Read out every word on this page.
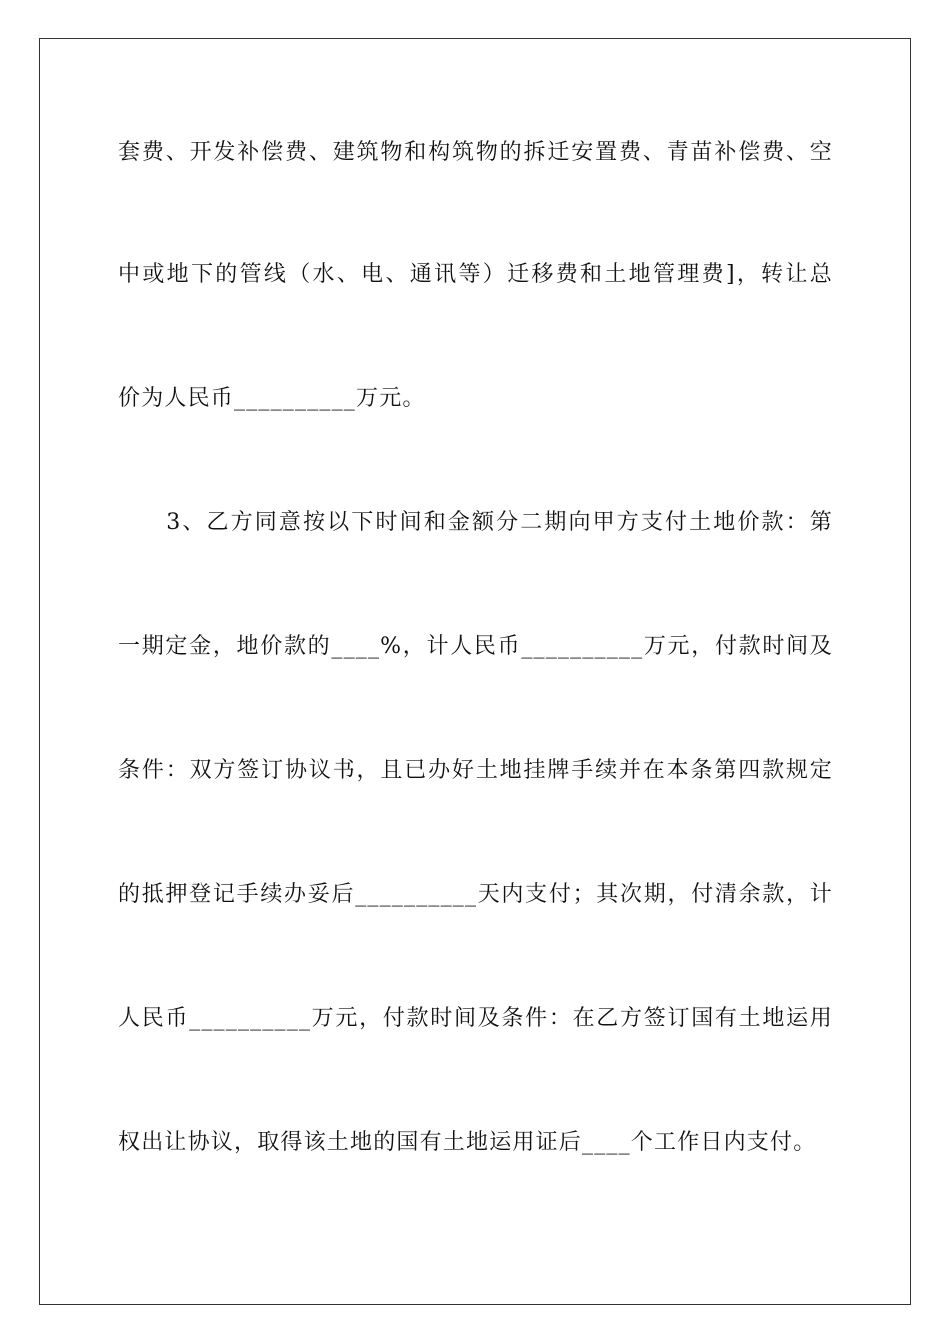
套费、开发补偿费、建筑物和构筑物的拆迁安置费、青苗补偿费、空
中或地下的管线（水、电、通讯等）迁移费和土地管理费]，转让总
价为人民币__________万元。
　　3、乙方同意按以下时间和金额分二期向甲方支付土地价款：第
一期定金，地价款的____%，计人民币__________万元，付款时间及
条件：双方签订协议书，且已办好土地挂牌手续并在本条第四款规定
的抵押登记手续办妥后__________天内支付；其次期，付清余款，计
人民币__________万元，付款时间及条件：在乙方签订国有土地运用
权出让协议，取得该土地的国有土地运用证后____个工作日内支付。
